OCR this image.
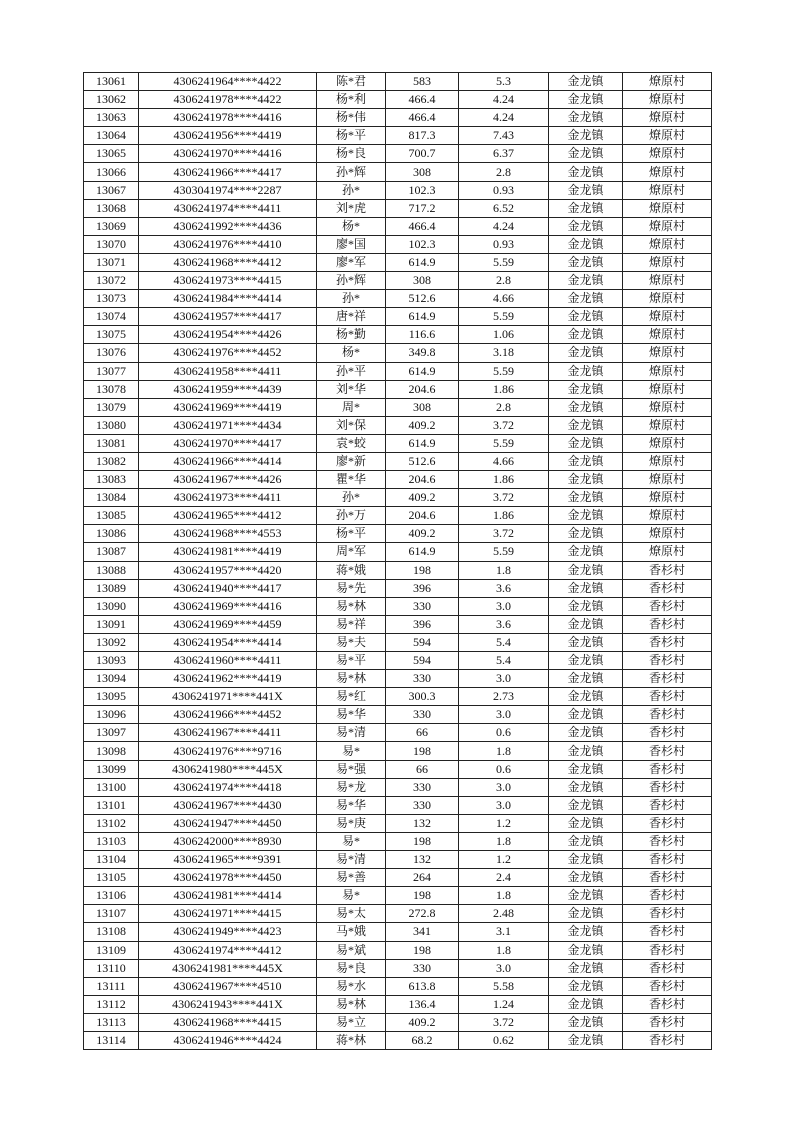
13061	4306241964****4422	陈*君	583	5.3	金龙镇	燎原村
13062	4306241978****4422	杨*利	466.4	4.24	金龙镇	燎原村
13063	4306241978****4416	杨*伟	466.4	4.24	金龙镇	燎原村
13064	4306241956****4419	杨*平	817.3	7.43	金龙镇	燎原村
13065	4306241970****4416	杨*良	700.7	6.37	金龙镇	燎原村
13066	4306241966****4417	孙*辉	308	2.8	金龙镇	燎原村
13067	4303041974****2287	孙*	102.3	0.93	金龙镇	燎原村
13068	4306241974****4411	刘*虎	717.2	6.52	金龙镇	燎原村
13069	4306241992****4436	杨*	466.4	4.24	金龙镇	燎原村
13070	4306241976****4410	廖*国	102.3	0.93	金龙镇	燎原村
13071	4306241968****4412	廖*军	614.9	5.59	金龙镇	燎原村
13072	4306241973****4415	孙*辉	308	2.8	金龙镇	燎原村
13073	4306241984****4414	孙*	512.6	4.66	金龙镇	燎原村
13074	4306241957****4417	唐*祥	614.9	5.59	金龙镇	燎原村
13075	4306241954****4426	杨*勤	116.6	1.06	金龙镇	燎原村
13076	4306241976****4452	杨*	349.8	3.18	金龙镇	燎原村
13077	4306241958****4411	孙*平	614.9	5.59	金龙镇	燎原村
13078	4306241959****4439	刘*华	204.6	1.86	金龙镇	燎原村
13079	4306241969****4419	周*	308	2.8	金龙镇	燎原村
13080	4306241971****4434	刘*保	409.2	3.72	金龙镇	燎原村
13081	4306241970****4417	袁*蛟	614.9	5.59	金龙镇	燎原村
13082	4306241966****4414	廖*新	512.6	4.66	金龙镇	燎原村
13083	4306241967****4426	瞿*华	204.6	1.86	金龙镇	燎原村
13084	4306241973****4411	孙*	409.2	3.72	金龙镇	燎原村
13085	4306241965****4412	孙*万	204.6	1.86	金龙镇	燎原村
13086	4306241968****4553	杨*平	409.2	3.72	金龙镇	燎原村
13087	4306241981****4419	周*军	614.9	5.59	金龙镇	燎原村
13088	4306241957****4420	蒋*娥	198	1.8	金龙镇	香杉村
13089	4306241940****4417	易*先	396	3.6	金龙镇	香杉村
13090	4306241969****4416	易*林	330	3.0	金龙镇	香杉村
13091	4306241969****4459	易*祥	396	3.6	金龙镇	香杉村
13092	4306241954****4414	易*夫	594	5.4	金龙镇	香杉村
13093	4306241960****4411	易*平	594	5.4	金龙镇	香杉村
13094	4306241962****4419	易*林	330	3.0	金龙镇	香杉村
13095	4306241971****441X	易*红	300.3	2.73	金龙镇	香杉村
13096	4306241966****4452	易*华	330	3.0	金龙镇	香杉村
13097	4306241967****4411	易*清	66	0.6	金龙镇	香杉村
13098	4306241976****9716	易*	198	1.8	金龙镇	香杉村
13099	4306241980****445X	易*强	66	0.6	金龙镇	香杉村
13100	4306241974****4418	易*龙	330	3.0	金龙镇	香杉村
13101	4306241967****4430	易*华	330	3.0	金龙镇	香杉村
13102	4306241947****4450	易*庚	132	1.2	金龙镇	香杉村
13103	4306242000****8930	易*	198	1.8	金龙镇	香杉村
13104	4306241965****9391	易*清	132	1.2	金龙镇	香杉村
13105	4306241978****4450	易*善	264	2.4	金龙镇	香杉村
13106	4306241981****4414	易*	198	1.8	金龙镇	香杉村
13107	4306241971****4415	易*太	272.8	2.48	金龙镇	香杉村
13108	4306241949****4423	马*娥	341	3.1	金龙镇	香杉村
13109	4306241974****4412	易*斌	198	1.8	金龙镇	香杉村
13110	4306241981****445X	易*良	330	3.0	金龙镇	香杉村
13111	4306241967****4510	易*水	613.8	5.58	金龙镇	香杉村
13112	4306241943****441X	易*林	136.4	1.24	金龙镇	香杉村
13113	4306241968****4415	易*立	409.2	3.72	金龙镇	香杉村
13114	4306241946****4424	蒋*林	68.2	0.62	金龙镇	香杉村
